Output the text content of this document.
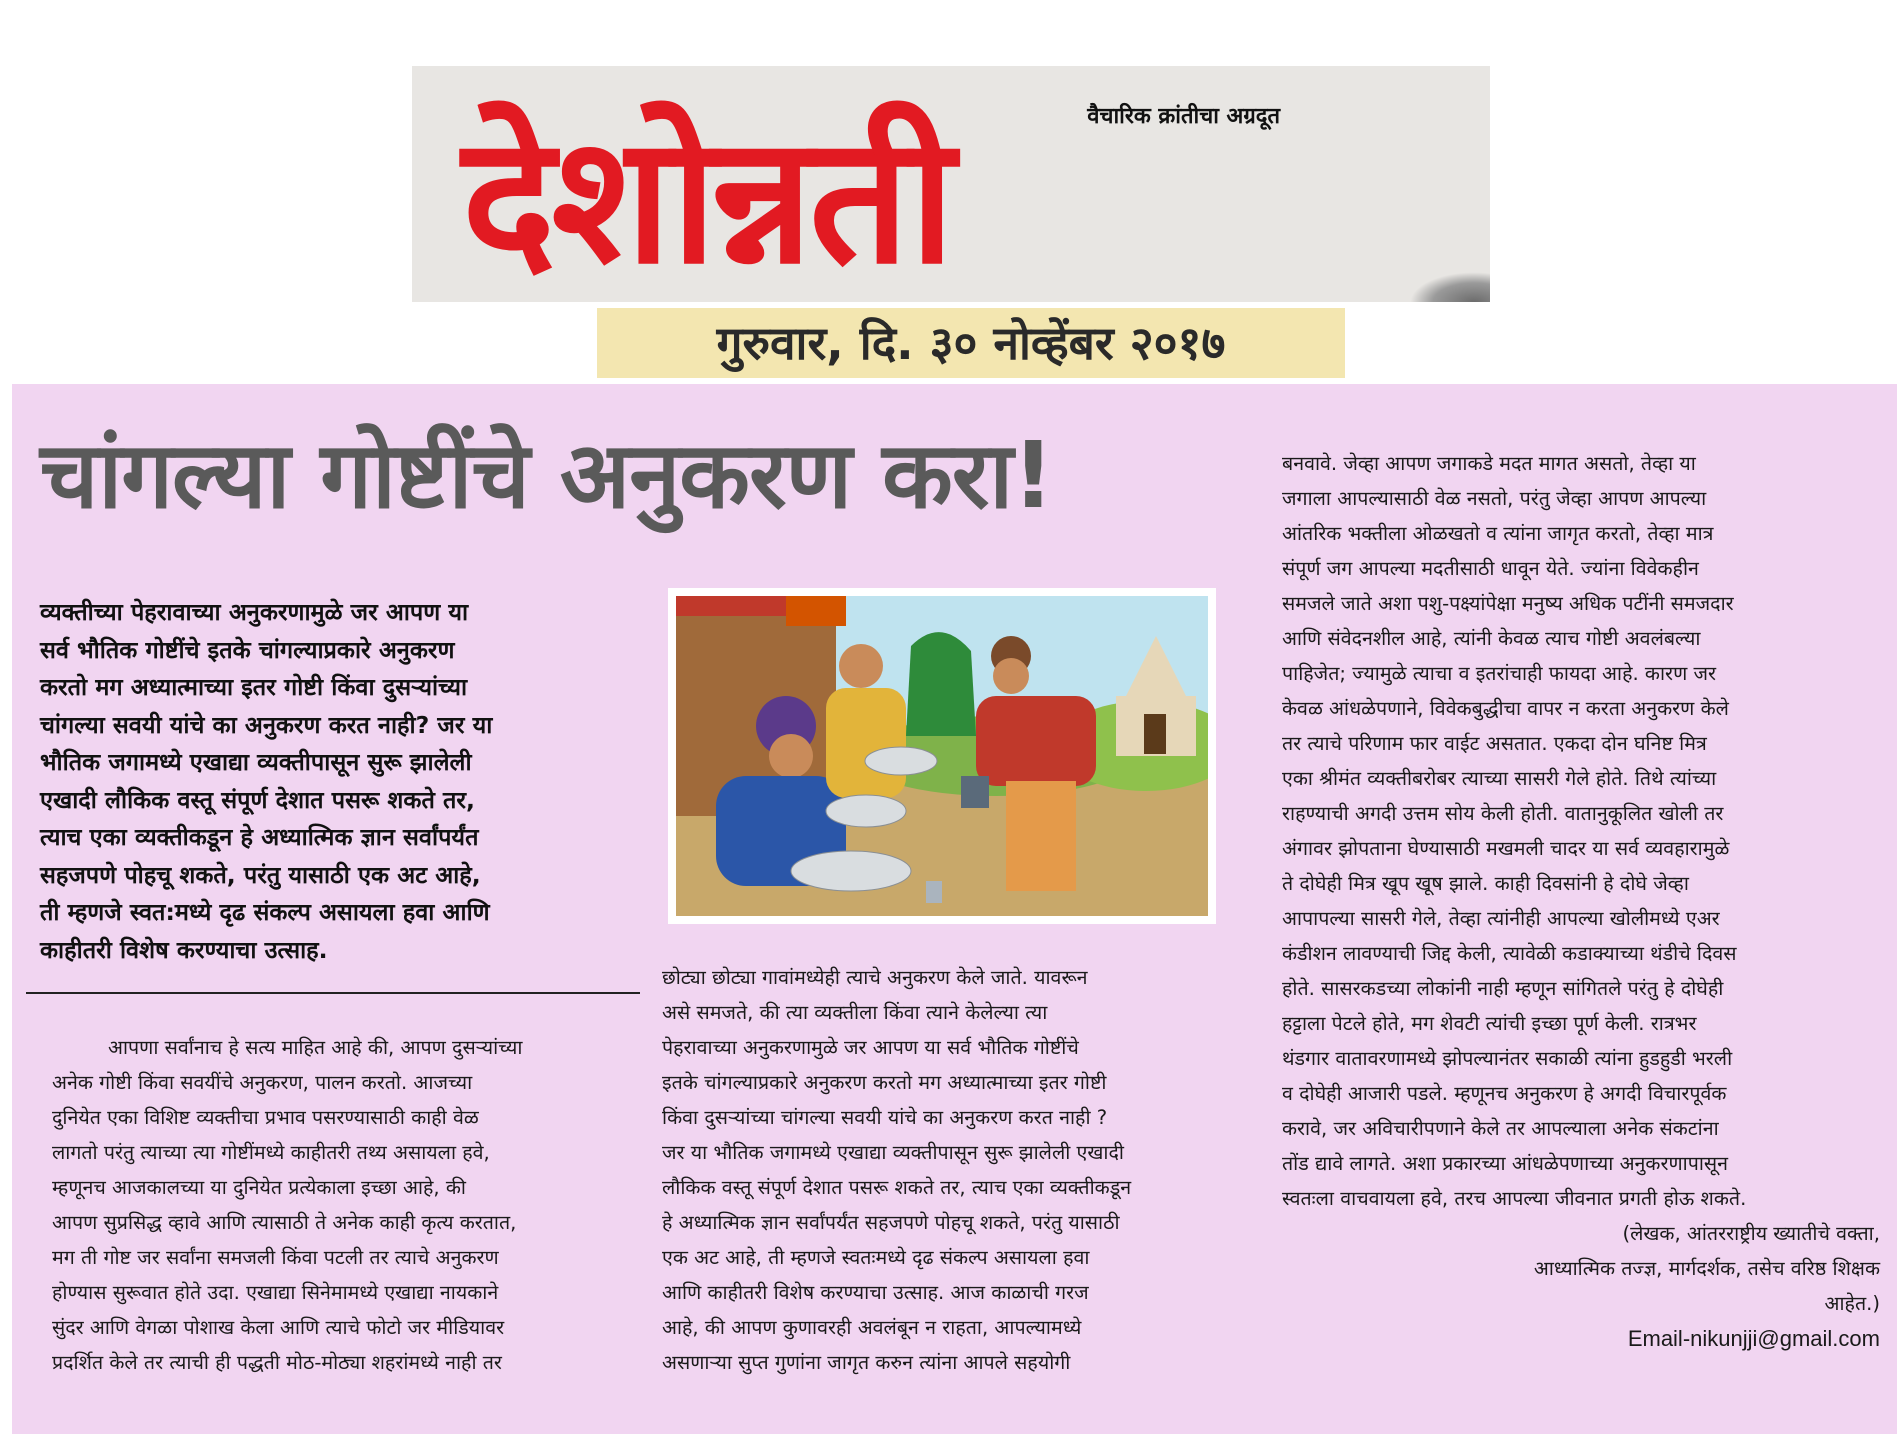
वैचारिक क्रांतीचा अग्रदूत
देशोन्नती
गुरुवार, दि. ३० नोव्हेंबर २०१७
चांगल्या गोष्टींचे अनुकरण करा!
व्यक्तीच्या पेहरावाच्या अनुकरणामुळे जर आपण या
सर्व भौतिक गोष्टींचे इतके चांगल्याप्रकारे अनुकरण
करतो मग अध्यात्माच्या इतर गोष्टी किंवा दुसऱ्यांच्या
चांगल्या सवयी यांचे का अनुकरण करत नाही? जर या
भौतिक जगामध्ये एखाद्या व्यक्तीपासून सुरू झालेली
एखादी लौकिक वस्तू संपूर्ण देशात पसरू शकते तर,
त्याच एका व्यक्तीकडून हे अध्यात्मिक ज्ञान सर्वांपर्यंत
सहजपणे पोहचू शकते, परंतु यासाठी एक अट आहे,
ती म्हणजे स्वत:मध्ये दृढ संकल्प असायला हवा आणि
काहीतरी विशेष करण्याचा उत्साह.
आपणा सर्वांनाच हे सत्य माहित आहे की, आपण दुसऱ्यांच्या
अनेक गोष्टी किंवा सवयींचे अनुकरण, पालन करतो. आजच्या
दुनियेत एका विशिष्ट व्यक्तीचा प्रभाव पसरण्यासाठी काही वेळ
लागतो परंतु त्याच्या त्या गोष्टींमध्ये काहीतरी तथ्य असायला हवे,
म्हणूनच आजकालच्या या दुनियेत प्रत्येकाला इच्छा आहे, की
आपण सुप्रसिद्ध व्हावे आणि त्यासाठी ते अनेक काही कृत्य करतात,
मग ती गोष्ट जर सर्वांना समजली किंवा पटली तर त्याचे अनुकरण
होण्यास सुरूवात होते उदा. एखाद्या सिनेमामध्ये एखाद्या नायकाने
सुंदर आणि वेगळा पोशाख केला आणि त्याचे फोटो जर मीडियावर
प्रदर्शित केले तर त्याची ही पद्धती मोठ-मोठ्या शहरांमध्ये नाही तर
छोट्या छोट्या गावांमध्येही त्याचे अनुकरण केले जाते. यावरून
असे समजते, की त्या व्यक्तीला किंवा त्याने केलेल्या त्या
पेहरावाच्या अनुकरणामुळे जर आपण या सर्व भौतिक गोष्टींचे
इतके चांगल्याप्रकारे अनुकरण करतो मग अध्यात्माच्या इतर गोष्टी
किंवा दुसऱ्यांच्या चांगल्या सवयी यांचे का अनुकरण करत नाही ?
जर या भौतिक जगामध्ये एखाद्या व्यक्तीपासून सुरू झालेली एखादी
लौकिक वस्तू संपूर्ण देशात पसरू शकते तर, त्याच एका व्यक्तीकडून
हे अध्यात्मिक ज्ञान सर्वांपर्यंत सहजपणे पोहचू शकते, परंतु यासाठी
एक अट आहे, ती म्हणजे स्वतःमध्ये दृढ संकल्प असायला हवा
आणि काहीतरी विशेष करण्याचा उत्साह. आज काळाची गरज
आहे, की आपण कुणावरही अवलंबून न राहता, आपल्यामध्ये
असणाऱ्या सुप्त गुणांना जागृत करुन त्यांना आपले सहयोगी
बनवावे. जेव्हा आपण जगाकडे मदत मागत असतो, तेव्हा या
जगाला आपल्यासाठी वेळ नसतो, परंतु जेव्हा आपण आपल्या
आंतरिक भक्तीला ओळखतो व त्यांना जागृत करतो, तेव्हा मात्र
संपूर्ण जग आपल्या मदतीसाठी धावून येते. ज्यांना विवेकहीन
समजले जाते अशा पशु-पक्ष्यांपेक्षा मनुष्य अधिक पटींनी समजदार
आणि संवेदनशील आहे, त्यांनी केवळ त्याच गोष्टी अवलंबल्या
पाहिजेत; ज्यामुळे त्याचा व इतरांचाही फायदा आहे. कारण जर
केवळ आंधळेपणाने, विवेकबुद्धीचा वापर न करता अनुकरण केले
तर त्याचे परिणाम फार वाईट असतात. एकदा दोन घनिष्ट मित्र
एका श्रीमंत व्यक्तीबरोबर त्याच्या सासरी गेले होते. तिथे त्यांच्या
राहण्याची अगदी उत्तम सोय केली होती. वातानुकूलित खोली तर
अंगावर झोपताना घेण्यासाठी मखमली चादर या सर्व व्यवहारामुळे
ते दोघेही मित्र खूप खूष झाले. काही दिवसांनी हे दोघे जेव्हा
आपापल्या सासरी गेले, तेव्हा त्यांनीही आपल्या खोलीमध्ये एअर
कंडीशन लावण्याची जिद्द केली, त्यावेळी कडाक्याच्या थंडीचे दिवस
होते. सासरकडच्या लोकांनी नाही म्हणून सांगितले परंतु हे दोघेही
हट्टाला पेटले होते, मग शेवटी त्यांची इच्छा पूर्ण केली. रात्रभर
थंडगार वातावरणामध्ये झोपल्यानंतर सकाळी त्यांना हुडहुडी भरली
व दोघेही आजारी पडले. म्हणूनच अनुकरण हे अगदी विचारपूर्वक
करावे, जर अविचारीपणाने केले तर आपल्याला अनेक संकटांना
तोंड द्यावे लागते. अशा प्रकारच्या आंधळेपणाच्या अनुकरणापासून
स्वतःला वाचवायला हवे, तरच आपल्या जीवनात प्रगती होऊ शकते.
(लेखक, आंतरराष्ट्रीय ख्यातीचे वक्ता,
आध्यात्मिक तज्ज्ञ, मार्गदर्शक, तसेच वरिष्ठ शिक्षक
आहेत.)
Email-nikunjji@gmail.com
